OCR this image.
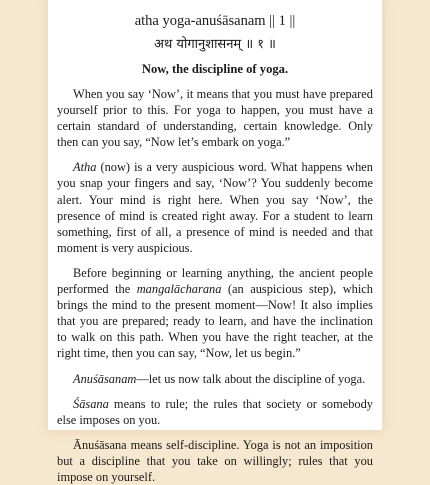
atha yoga-anuśāsanam || 1 ||
अथ योगानुशासनम् ॥ १ ॥
Now, the discipline of yoga.

When you say ‘Now’, it means that you must have prepared yourself prior to this. For yoga to happen, you must have a certain standard of understanding, certain knowledge. Only then can you say, “Now let’s embark on yoga.”

Atha (now) is a very auspicious word. What happens when you snap your fingers and say, ‘Now’? You suddenly become alert. Your mind is right here. When you say ‘Now’, the presence of mind is created right away. For a student to learn something, first of all, a presence of mind is needed and that moment is very auspicious.

Before beginning or learning anything, the ancient people performed the mangalācharana (an auspicious step), which brings the mind to the present moment—Now! It also implies that you are prepared; ready to learn, and have the inclination to walk on this path. When you have the right teacher, at the right time, then you can say, “Now, let us begin.”

Anuśāsanam—let us now talk about the discipline of yoga.

Śāsana means to rule; the rules that society or somebody else imposes on you.

Ānuśāsana means self-discipline. Yoga is not an imposition but a discipline that you take on willingly; rules that you impose on yourself.
